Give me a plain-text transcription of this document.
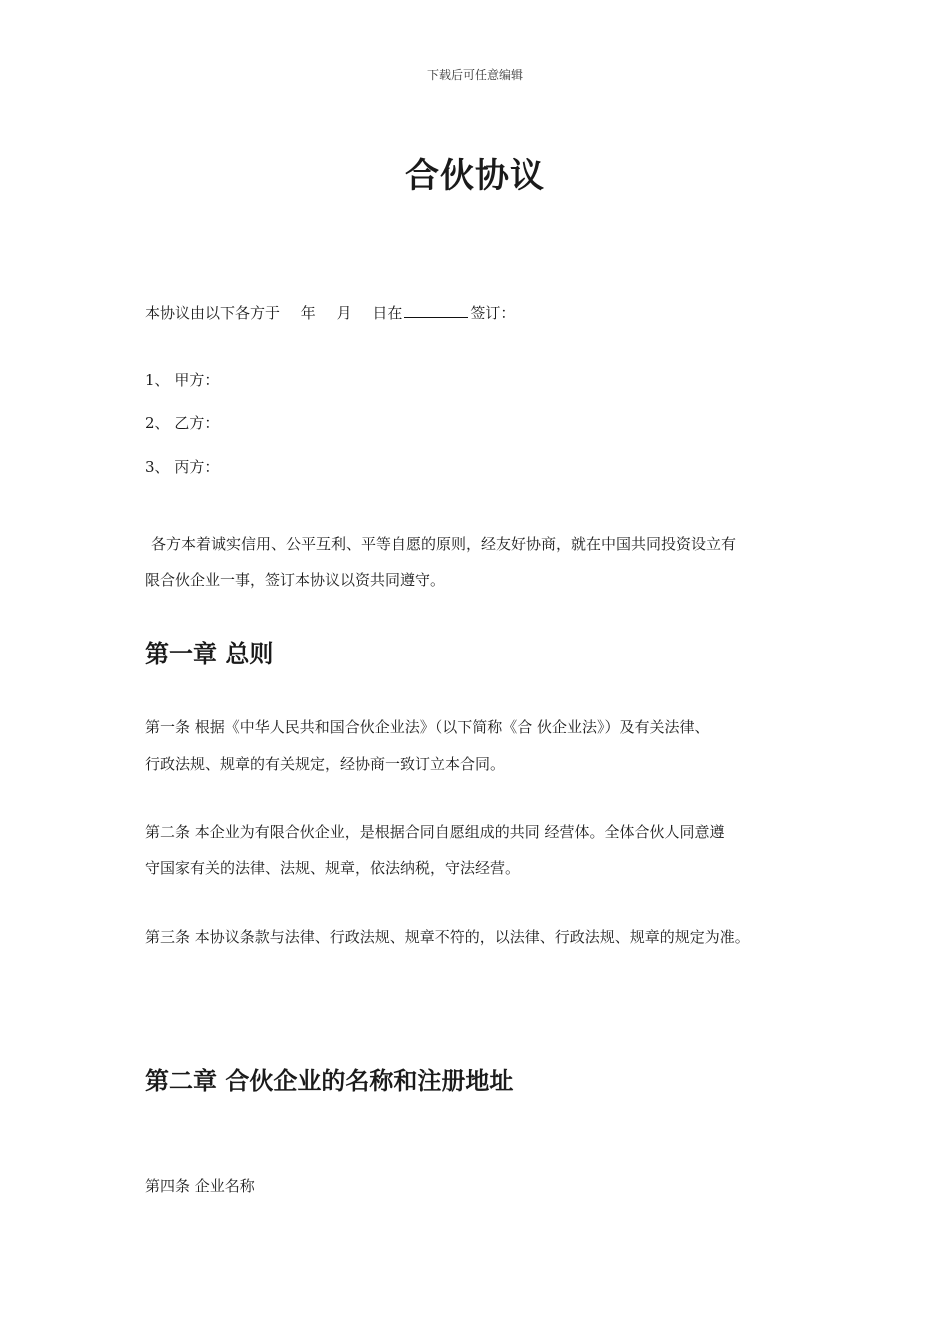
下载后可任意编辑
合伙协议
本协议由以下各方于 年 月 日在	签订：
1、 甲方：
2、 乙方：
3、 丙方：
各方本着诚实信用、公平互利、平等自愿的原则，经友好协商，就在中国共同投资设立有
限合伙企业一事，签订本协议以资共同遵守。
第一章 总则
第一条 根据《中华人民共和国合伙企业法》（以下简称《合 伙企业法》）及有关法律、
行政法规、规章的有关规定，经协商一致订立本合同。
第二条 本企业为有限合伙企业，是根据合同自愿组成的共同 经营体。全体合伙人同意遵
守国家有关的法律、法规、规章，依法纳税，守法经营。
第三条 本协议条款与法律、行政法规、规章不符的，以法律、行政法规、规章的规定为准。
第二章 合伙企业的名称和注册地址
第四条 企业名称
